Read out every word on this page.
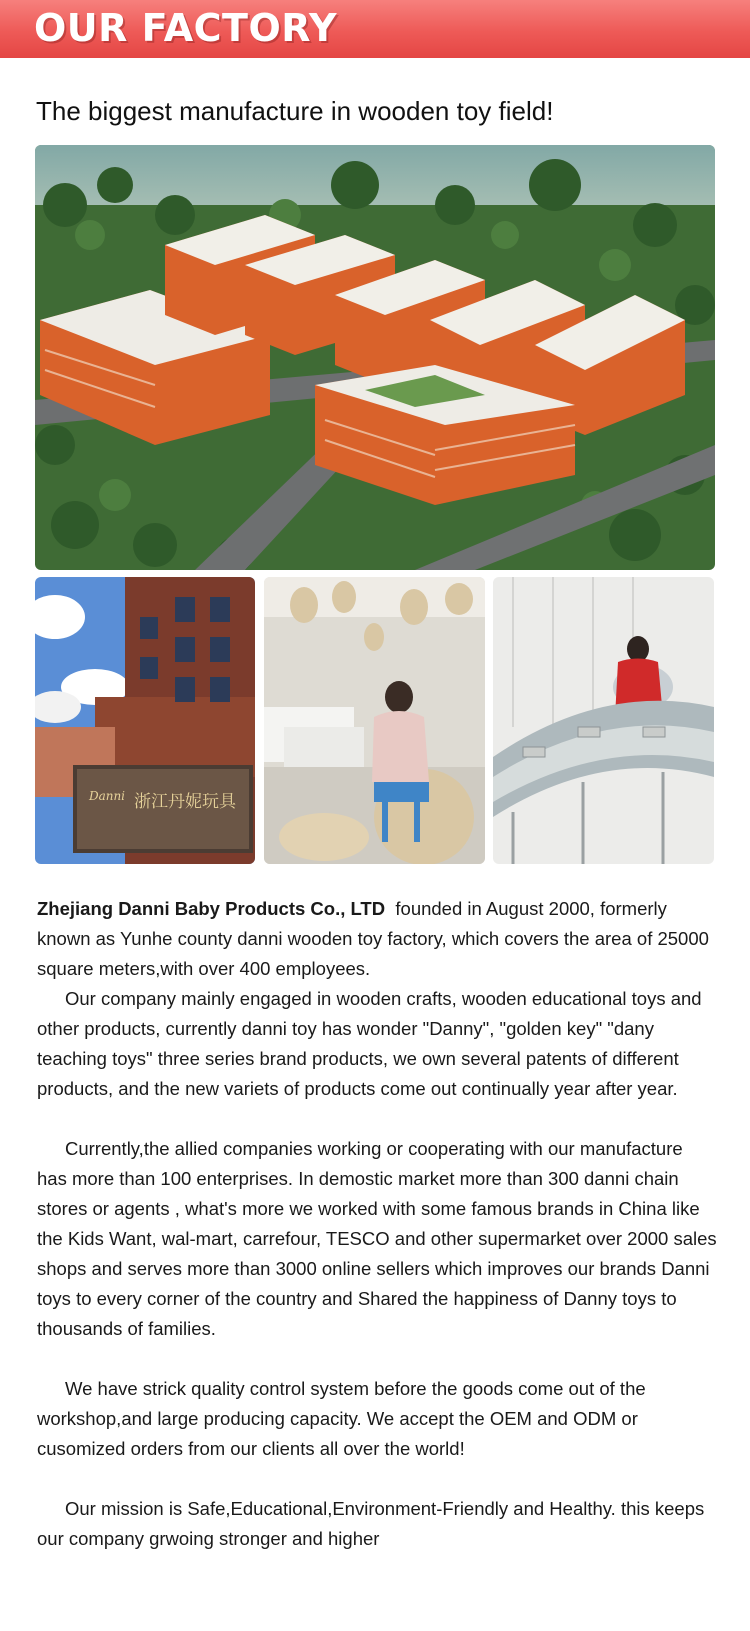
OUR FACTORY
The biggest manufacture in wooden toy field!
Danni 浙江丹妮玩具

Zhejiang Danni Baby Products Co., LTD founded in August 2000, formerly known as Yunhe county danni wooden toy factory, which covers the area of 25000 square meters,with over 400 employees.

Our company mainly engaged in wooden crafts, wooden educational toys and other products, currently danni toy has wonder "Danny", "golden key" "dany teaching toys" three series brand products, we own several patents of different products, and the new variets of products come out continually year after year.

Currently,the allied companies working or cooperating with our manufacture has more than 100 enterprises. In demostic market more than 300 danni chain stores or agents , what's more we worked with some famous brands in China like the Kids Want, wal-mart, carrefour, TESCO and other supermarket over 2000 sales shops and serves more than 3000 online sellers which improves our brands Danni toys to every corner of the country and Shared the happiness of Danny toys to thousands of families.

We have strick quality control system before the goods come out of the workshop,and large producing capacity. We accept the OEM and ODM or cusomized orders from our clients all over the world!

Our mission is Safe,Educational,Environment-Friendly and Healthy. this keeps our company grwoing stronger and higher
